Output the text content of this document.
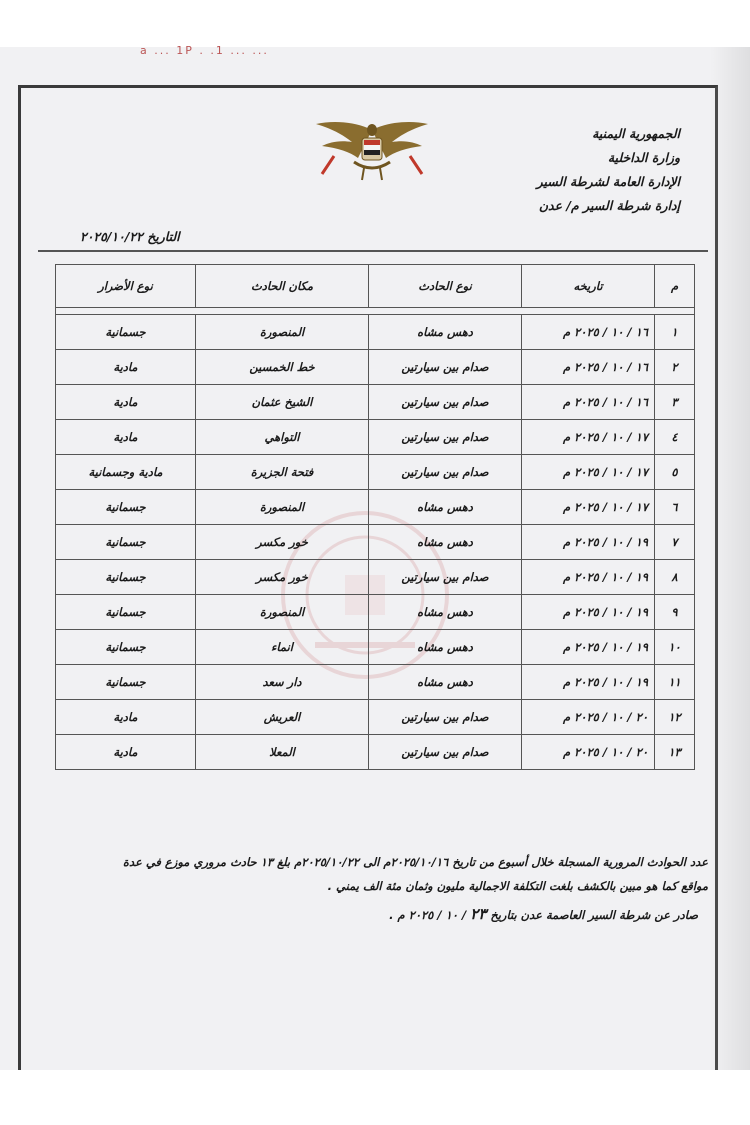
a ... 1P . .1 ... ...
الجمهورية اليمنية
وزارة الداخلية
الإدارة العامة لشرطة السير
إدارة شرطة السير م/ عدن
التاريخ ٢٠٢٥/١٠/٢٢
م	تاريخه	نوع الحادث	مكان الحادث	نوع الأضرار

١	١٦ / ١٠ / ٢٠٢٥ م	دهس مشاه	المنصورة	جسمانية
٢	١٦ / ١٠ / ٢٠٢٥ م	صدام بين سيارتين	خط الخمسين	مادية
٣	١٦ / ١٠ / ٢٠٢٥ م	صدام بين سيارتين	الشيخ عثمان	مادية
٤	١٧ / ١٠ / ٢٠٢٥ م	صدام بين سيارتين	التواهي	مادية
٥	١٧ / ١٠ / ٢٠٢٥ م	صدام بين سيارتين	فتحة الجزيرة	مادية وجسمانية
٦	١٧ / ١٠ / ٢٠٢٥ م	دهس مشاه	المنصورة	جسمانية
٧	١٩ / ١٠ / ٢٠٢٥ م	دهس مشاه	خور مكسر	جسمانية
٨	١٩ / ١٠ / ٢٠٢٥ م	صدام بين سيارتين	خور مكسر	جسمانية
٩	١٩ / ١٠ / ٢٠٢٥ م	دهس مشاه	المنصورة	جسمانية
١٠	١٩ / ١٠ / ٢٠٢٥ م	دهس مشاه	انماء	جسمانية
١١	١٩ / ١٠ / ٢٠٢٥ م	دهس مشاه	دار سعد	جسمانية
١٢	٢٠ / ١٠ / ٢٠٢٥ م	صدام بين سيارتين	العريش	مادية
١٣	٢٠ / ١٠ / ٢٠٢٥ م	صدام بين سيارتين	المعلا	مادية
عدد الحوادث المرورية المسجلة خلال أسبوع من تاريخ ٢٠٢٥/١٠/١٦م الى ٢٠٢٥/١٠/٢٢م بلغ ١٣ حادث مروري موزع في عدة
مواقع كما هو مبين بالكشف بلغت التكلفة الاجمالية مليون وثمان مئة الف يمني .
صادر عن شرطة السير العاصمة عدن بتاريخ ٢٣ / ١٠ / ٢٠٢٥ م .
